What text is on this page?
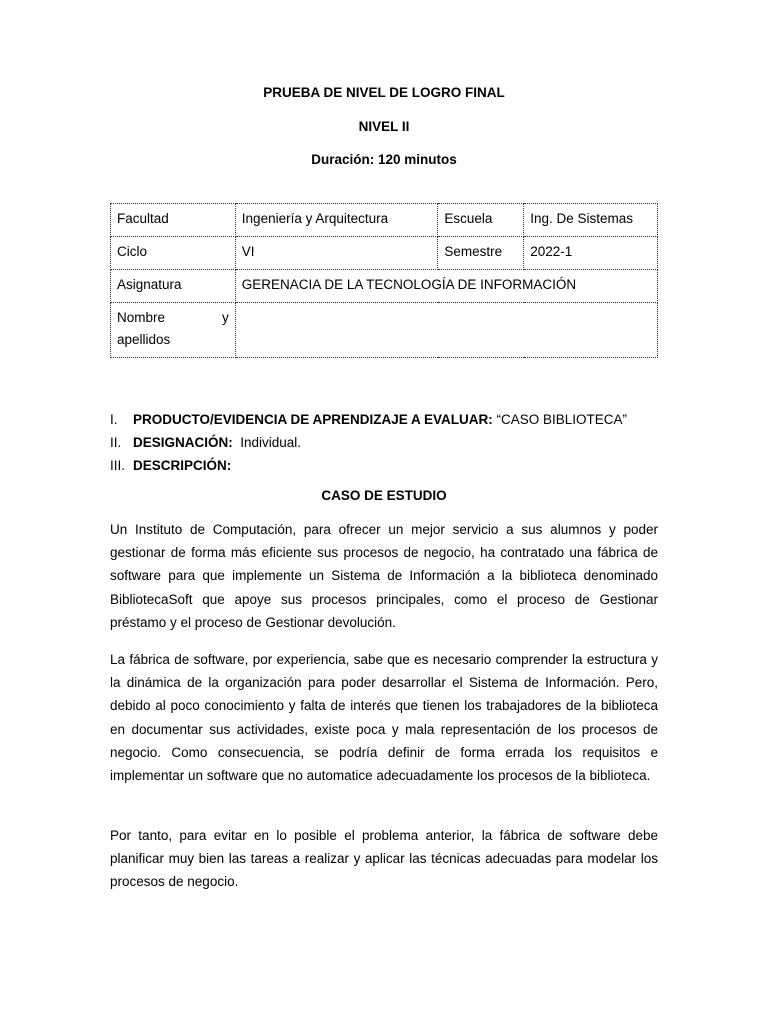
PRUEBA DE NIVEL DE LOGRO FINAL
NIVEL II
Duración: 120 minutos
Facultad	Ingeniería y Arquitectura	Escuela	Ing. De Sistemas
Ciclo	VI	Semestre	2022-1
Asignatura	GERENACIA DE LA TECNOLOGÍA DE INFORMACIÓN		

Nombre y
apellidos			

I.	PRODUCTO/EVIDENCIA DE APRENDIZAJE A EVALUAR: “CASO BIBLIOTECA”
II. DESIGNACIÓN: Individual.
III. DESCRIPCIÓN:
CASO DE ESTUDIO

Un Instituto de Computación, para ofrecer un mejor servicio a sus alumnos y poder gestionar de forma más eficiente sus procesos de negocio, ha contratado una fábrica de software para que implemente un Sistema de Información a la biblioteca denominado BibliotecaSoft que apoye sus procesos principales, como el proceso de Gestionar préstamo y el proceso de Gestionar devolución.

La fábrica de software, por experiencia, sabe que es necesario comprender la estructura y la dinámica de la organización para poder desarrollar el Sistema de Información. Pero, debido al poco conocimiento y falta de interés que tienen los trabajadores de la biblioteca en documentar sus actividades, existe poca y mala representación de los procesos de negocio. Como consecuencia, se podría definir de forma errada los requisitos e implementar un software que no automatice adecuadamente los procesos de la biblioteca.

Por tanto, para evitar en lo posible el problema anterior, la fábrica de software debe planificar muy bien las tareas a realizar y aplicar las técnicas adecuadas para modelar los procesos de negocio.
